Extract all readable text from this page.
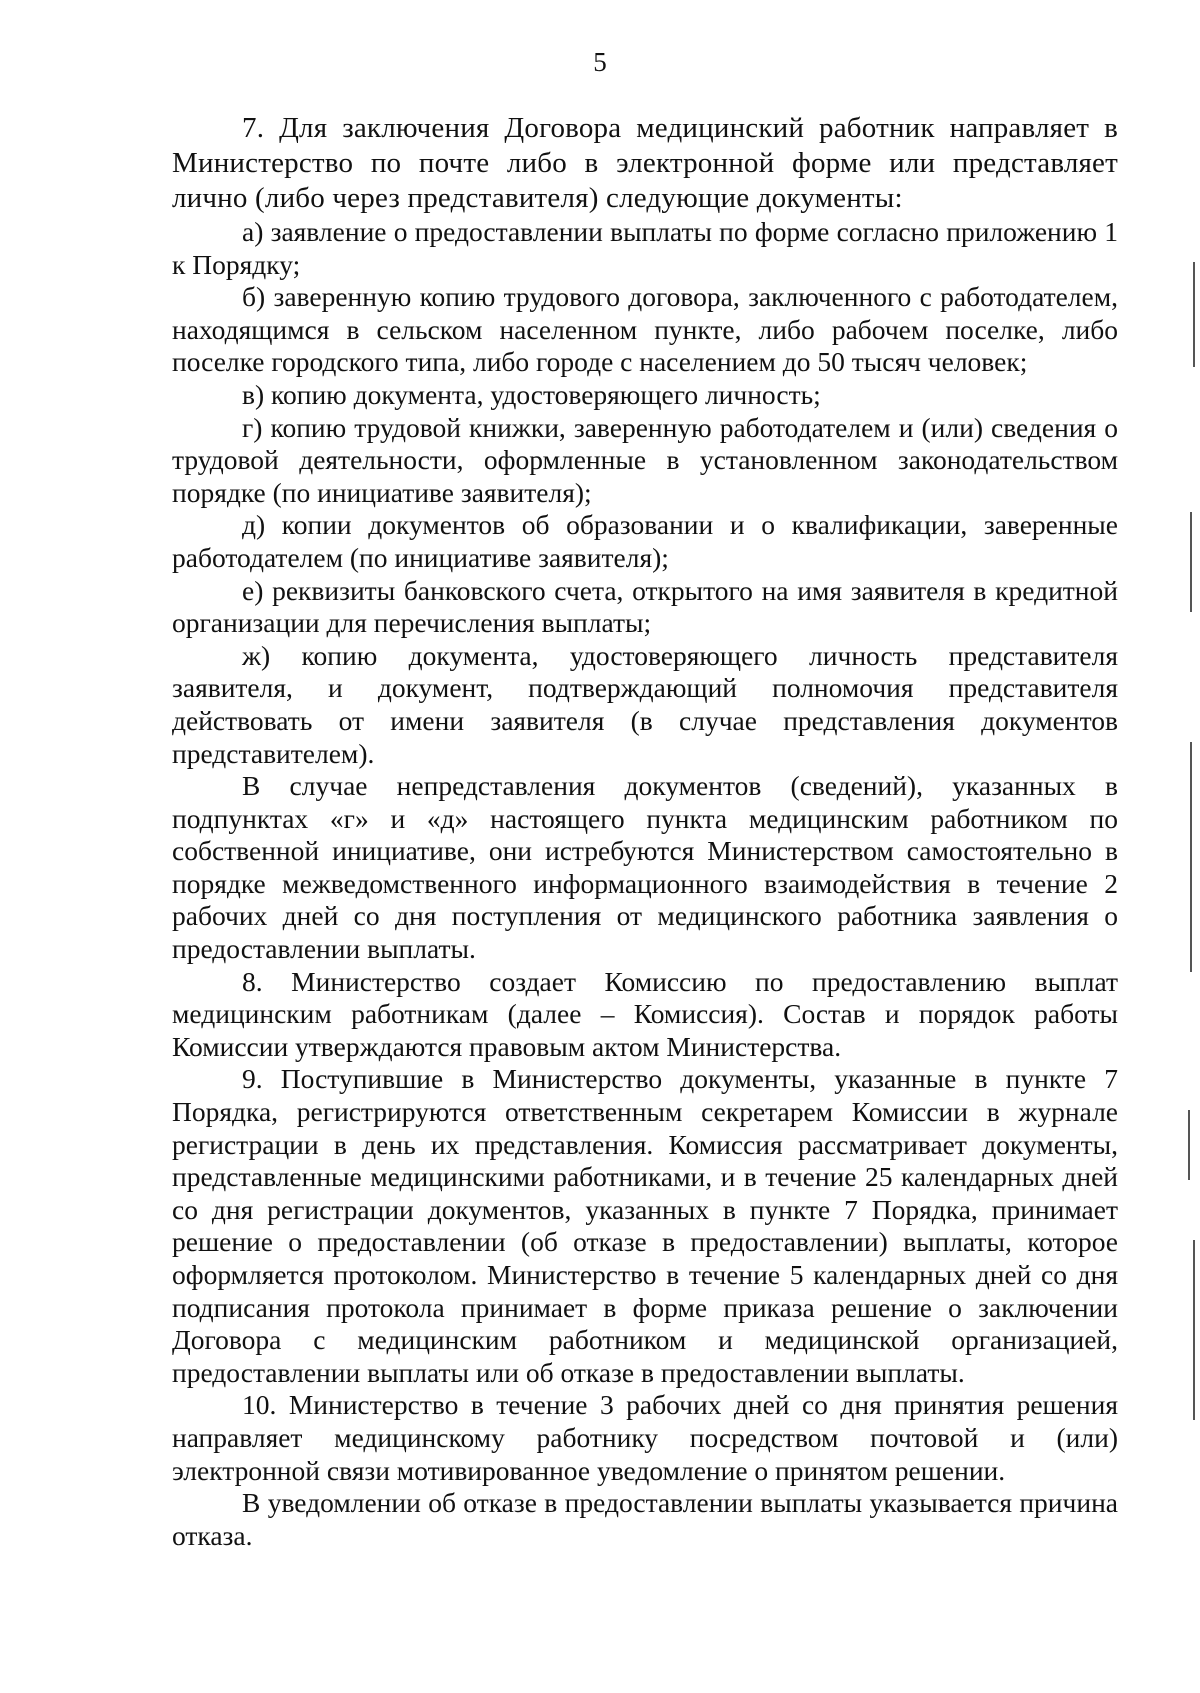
5

7. Для заключения Договора медицинский работник направляет в Министерство по почте либо в электронной форме или представляет лично (либо через представителя) следующие документы:

а) заявление о предоставлении выплаты по форме согласно приложению 1 к Порядку;

б) заверенную копию трудового договора, заключенного с работодателем, находящимся в сельском населенном пункте, либо рабочем поселке, либо поселке городского типа, либо городе с населением до 50 тысяч человек;

в) копию документа, удостоверяющего личность;

г) копию трудовой книжки, заверенную работодателем и (или) сведения о трудовой деятельности, оформленные в установленном законодательством порядке (по инициативе заявителя);

д) копии документов об образовании и о квалификации, заверенные работодателем (по инициативе заявителя);

е) реквизиты банковского счета, открытого на имя заявителя в кредитной организации для перечисления выплаты;

ж) копию документа, удостоверяющего личность представителя заявителя, и документ, подтверждающий полномочия представителя действовать от имени заявителя (в случае представления документов представителем).

В случае непредставления документов (сведений), указанных в подпунктах «г» и «д» настоящего пункта медицинским работником по собственной инициативе, они истребуются Министерством самостоятельно в порядке межведомственного информационного взаимодействия в течение 2 рабочих дней со дня поступления от медицинского работника заявления о предоставлении выплаты.

8. Министерство создает Комиссию по предоставлению выплат медицинским работникам (далее – Комиссия). Состав и порядок работы Комиссии утверждаются правовым актом Министерства.

9. Поступившие в Министерство документы, указанные в пункте 7 Порядка, регистрируются ответственным секретарем Комиссии в журнале регистрации в день их представления. Комиссия рассматривает документы, представленные медицинскими работниками, и в течение 25 календарных дней со дня регистрации документов, указанных в пункте 7 Порядка, принимает решение о предоставлении (об отказе в предоставлении) выплаты, которое оформляется протоколом. Министерство в течение 5 календарных дней со дня подписания протокола принимает в форме приказа решение о заключении Договора с медицинским работником и медицинской организацией, предоставлении выплаты или об отказе в предоставлении выплаты.

10. Министерство в течение 3 рабочих дней со дня принятия решения направляет медицинскому работнику посредством почтовой и (или) электронной связи мотивированное уведомление о принятом решении.

В уведомлении об отказе в предоставлении выплаты указывается причина отказа.
